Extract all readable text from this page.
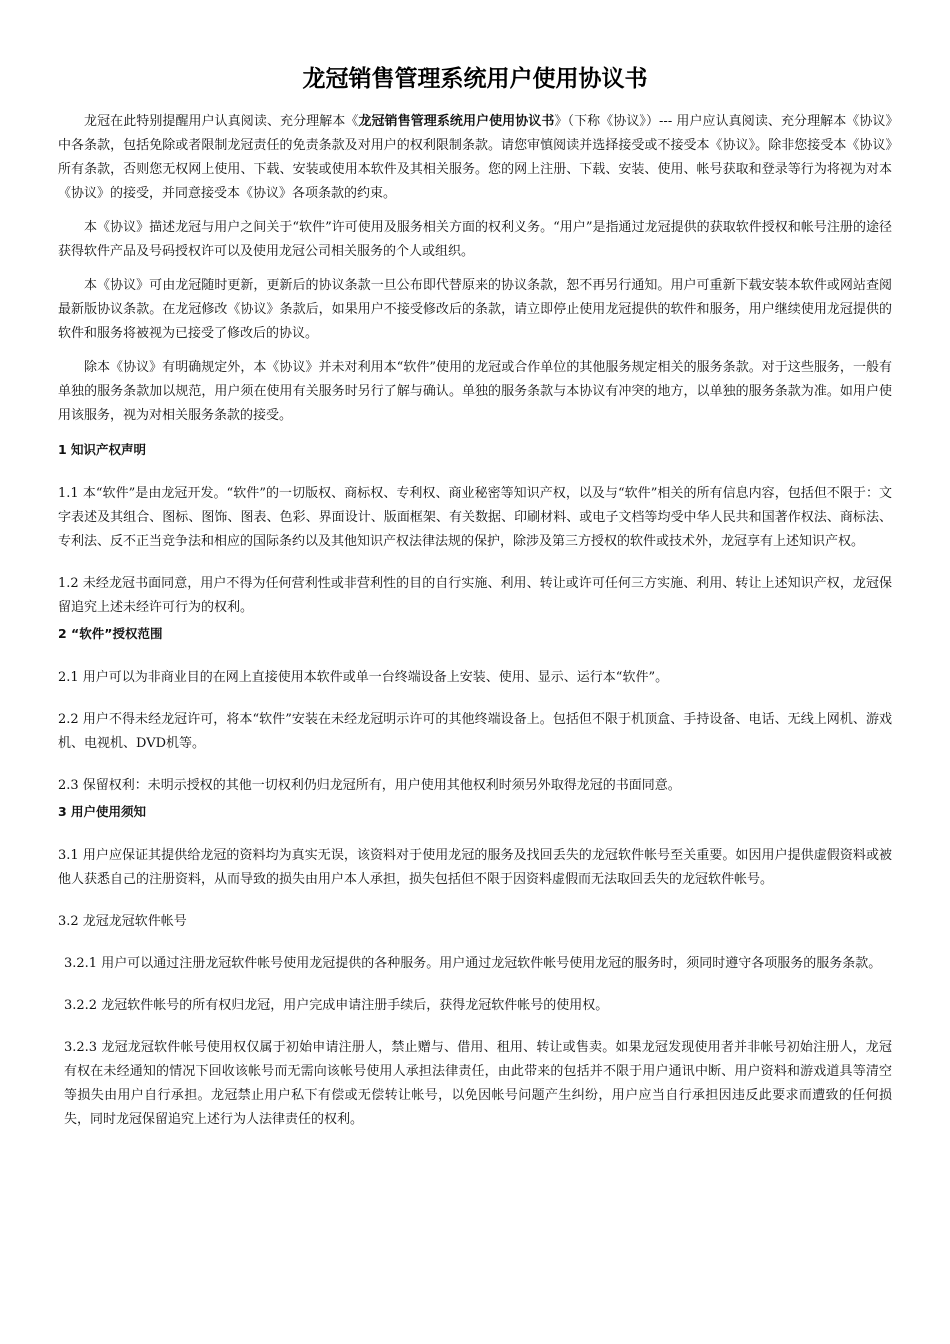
龙冠销售管理系统用户使用协议书

龙冠在此特别提醒用户认真阅读、充分理解本《龙冠销售管理系统用户使用协议书》（下称《协议》）--- 用户应认真阅读、充分理解本《协议》中各条款，包括免除或者限制龙冠责任的免责条款及对用户的权利限制条款。请您审慎阅读并选择接受或不接受本《协议》。除非您接受本《协议》所有条款，否则您无权网上使用、下载、安装或使用本软件及其相关服务。您的网上注册、下载、安装、使用、帐号获取和登录等行为将视为对本《协议》的接受，并同意接受本《协议》各项条款的约束。

本《协议》描述龙冠与用户之间关于“软件”许可使用及服务相关方面的权利义务。“用户”是指通过龙冠提供的获取软件授权和帐号注册的途径获得软件产品及号码授权许可以及使用龙冠公司相关服务的个人或组织。

本《协议》可由龙冠随时更新，更新后的协议条款一旦公布即代替原来的协议条款，恕不再另行通知。用户可重新下载安装本软件或网站查阅最新版协议条款。在龙冠修改《协议》条款后，如果用户不接受修改后的条款，请立即停止使用龙冠提供的软件和服务，用户继续使用龙冠提供的软件和服务将被视为已接受了修改后的协议。

除本《协议》有明确规定外，本《协议》并未对利用本“软件”使用的龙冠或合作单位的其他服务规定相关的服务条款。对于这些服务，一般有单独的服务条款加以规范，用户须在使用有关服务时另行了解与确认。单独的服务条款与本协议有冲突的地方，以单独的服务条款为准。如用户使用该服务，视为对相关服务条款的接受。

1 知识产权声明

1.1 本“软件”是由龙冠开发。“软件”的一切版权、商标权、专利权、商业秘密等知识产权，以及与“软件”相关的所有信息内容，包括但不限于：文字表述及其组合、图标、图饰、图表、色彩、界面设计、版面框架、有关数据、印刷材料、或电子文档等均受中华人民共和国著作权法、商标法、专利法、反不正当竞争法和相应的国际条约以及其他知识产权法律法规的保护，除涉及第三方授权的软件或技术外，龙冠享有上述知识产权。

1.2 未经龙冠书面同意，用户不得为任何营利性或非营利性的目的自行实施、利用、转让或许可任何三方实施、利用、转让上述知识产权，龙冠保留追究上述未经许可行为的权利。

2 “软件”授权范围

2.1 用户可以为非商业目的在网上直接使用本软件或单一台终端设备上安装、使用、显示、运行本“软件”。

2.2 用户不得未经龙冠许可，将本“软件”安装在未经龙冠明示许可的其他终端设备上。包括但不限于机顶盒、手持设备、电话、无线上网机、游戏机、电视机、DVD机等。

2.3 保留权利：未明示授权的其他一切权利仍归龙冠所有，用户使用其他权利时须另外取得龙冠的书面同意。

3 用户使用须知

3.1 用户应保证其提供给龙冠的资料均为真实无误，该资料对于使用龙冠的服务及找回丢失的龙冠软件帐号至关重要。如因用户提供虚假资料或被他人获悉自己的注册资料，从而导致的损失由用户本人承担，损失包括但不限于因资料虚假而无法取回丢失的龙冠软件帐号。

3.2 龙冠龙冠软件帐号

3.2.1 用户可以通过注册龙冠软件帐号使用龙冠提供的各种服务。用户通过龙冠软件帐号使用龙冠的服务时，须同时遵守各项服务的服务条款。

3.2.2 龙冠软件帐号的所有权归龙冠，用户完成申请注册手续后，获得龙冠软件帐号的使用权。

3.2.3 龙冠龙冠软件帐号使用权仅属于初始申请注册人，禁止赠与、借用、租用、转让或售卖。如果龙冠发现使用者并非帐号初始注册人，龙冠有权在未经通知的情况下回收该帐号而无需向该帐号使用人承担法律责任，由此带来的包括并不限于用户通讯中断、用户资料和游戏道具等清空等损失由用户自行承担。龙冠禁止用户私下有偿或无偿转让帐号，以免因帐号问题产生纠纷，用户应当自行承担因违反此要求而遭致的任何损失，同时龙冠保留追究上述行为人法律责任的权利。
